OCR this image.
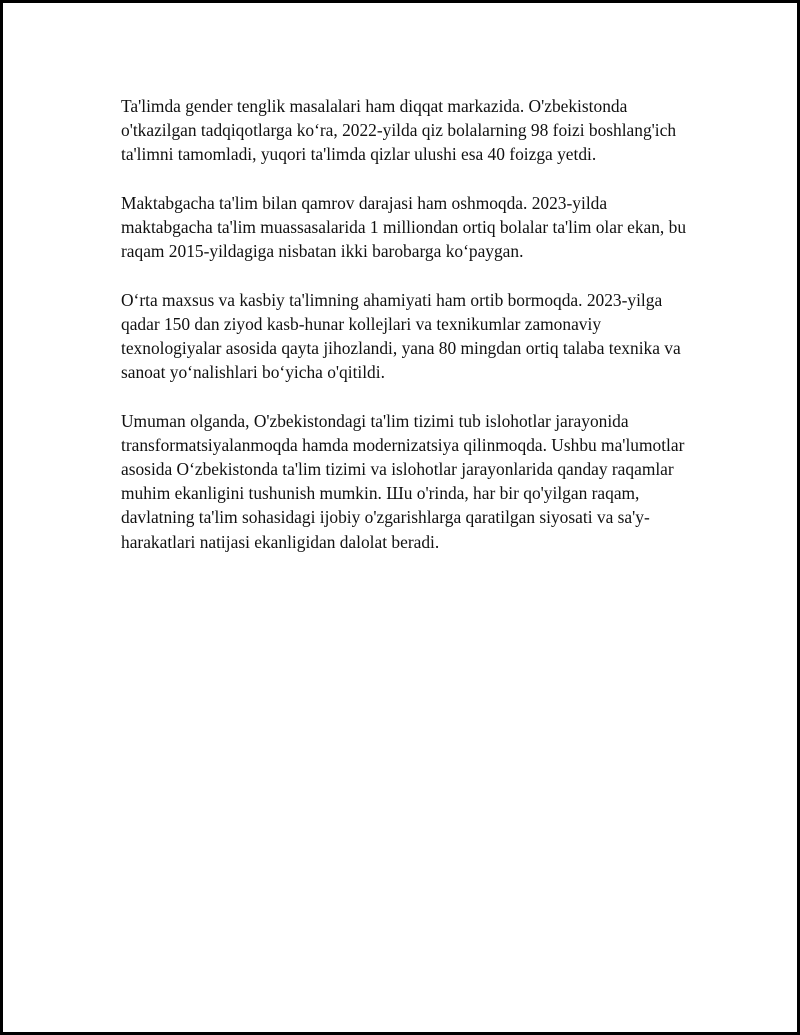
Ta'limda gender tenglik masalalari ham diqqat markazida. O'zbekistonda o'tkazilgan tadqiqotlarga ko‘ra, 2022-yilda qiz bolalarning 98 foizi boshlang'ich ta'limni tamomladi, yuqori ta'limda qizlar ulushi esa 40 foizga yetdi.

Maktabgacha ta'lim bilan qamrov darajasi ham oshmoqda. 2023-yilda maktabgacha ta'lim muassasalarida 1 milliondan ortiq bolalar ta'lim olar ekan, bu raqam 2015-yildagiga nisbatan ikki barobarga ko‘paygan.

O‘rta maxsus va kasbiy ta'limning ahamiyati ham ortib bormoqda. 2023-yilga qadar 150 dan ziyod kasb-hunar kollejlari va texnikumlar zamonaviy texnologiyalar asosida qayta jihozlandi, yana 80 mingdan ortiq talaba texnika va sanoat yo‘nalishlari bo‘yicha o'qitildi.

Umuman olganda, O'zbekistondagi ta'lim tizimi tub islohotlar jarayonida transformatsiyalanmoqda hamda modernizatsiya qilinmoqda. Ushbu ma'lumotlar asosida O‘zbekistonda ta'lim tizimi va islohotlar jarayonlarida qanday raqamlar muhim ekanligini tushunish mumkin. Шu o'rinda, har bir qo'yilgan raqam, davlatning ta'lim sohasidagi ijobiy o'zgarishlarga qaratilgan siyosati va sa'y-harakatlari natijasi ekanligidan dalolat beradi.
